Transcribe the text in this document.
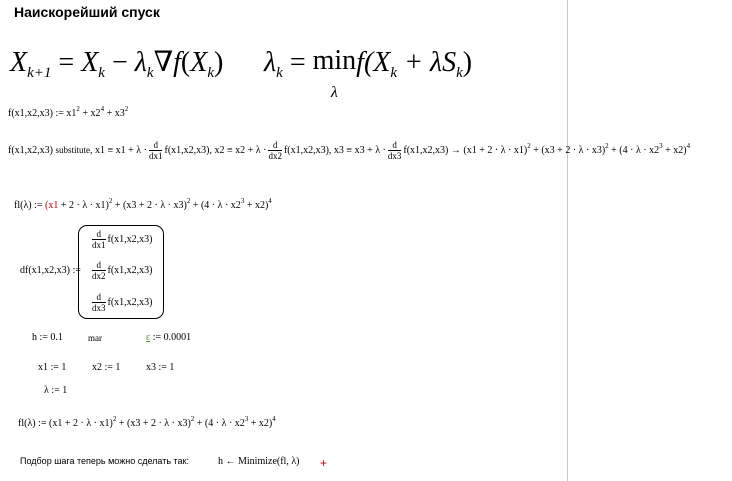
Наискорейший спуск
$X_{k+1} = X_k - \lambda_k\nabla f(X_k) \lambda_k = \min$
$\lambda f(X_k + \lambda S_k)$
f(x1,x2,x3) := $x1^2 + x2^4 + x3^2$
f(x1,x2,x3) substitute, $x1 \equiv x1 + \lambda \cdot \frac{d}{dx1} f(x1,x2,x3)$, $x2 \equiv x2 + \lambda \cdot \frac{d}{dx2} f(x1,x2,x3)$, $x3 \equiv x3 + \lambda \cdot \frac{d}{dx3} f(x1,x2,x3) \to (x1 + 2 \cdot \lambda \cdot x1)^2 + (x3 + 2 \cdot \lambda \cdot x3)^2 + (4 \cdot \lambda \cdot x2^3 + x2)^4$
fl(λ) := $(x1 + 2 \cdot \lambda \cdot x1)^2 + (x3 + 2 \cdot \lambda \cdot x3)^2 + (4 \cdot \lambda \cdot x2^3 + x2)^4$
df(x1,x2,x3) :=
$\frac{d}{dx1} f(x1,x2,x3)$
$\frac{d}{dx2} f(x1,x2,x3)$
$\frac{d}{dx3} f(x1,x2,x3)$
h := 0.1	mar	ε := 0.0001
x1 := 1	x2 := 1	x3 := 1
λ := 1
fl(λ) := $(x1 + 2 \cdot \lambda \cdot x1)^2 + (x3 + 2 \cdot \lambda \cdot x3)^2 + (4 \cdot \lambda \cdot x2^3 + x2)^4$
Подбор шага теперь можно сделать так:	h ← Minimize(fl, λ) +
